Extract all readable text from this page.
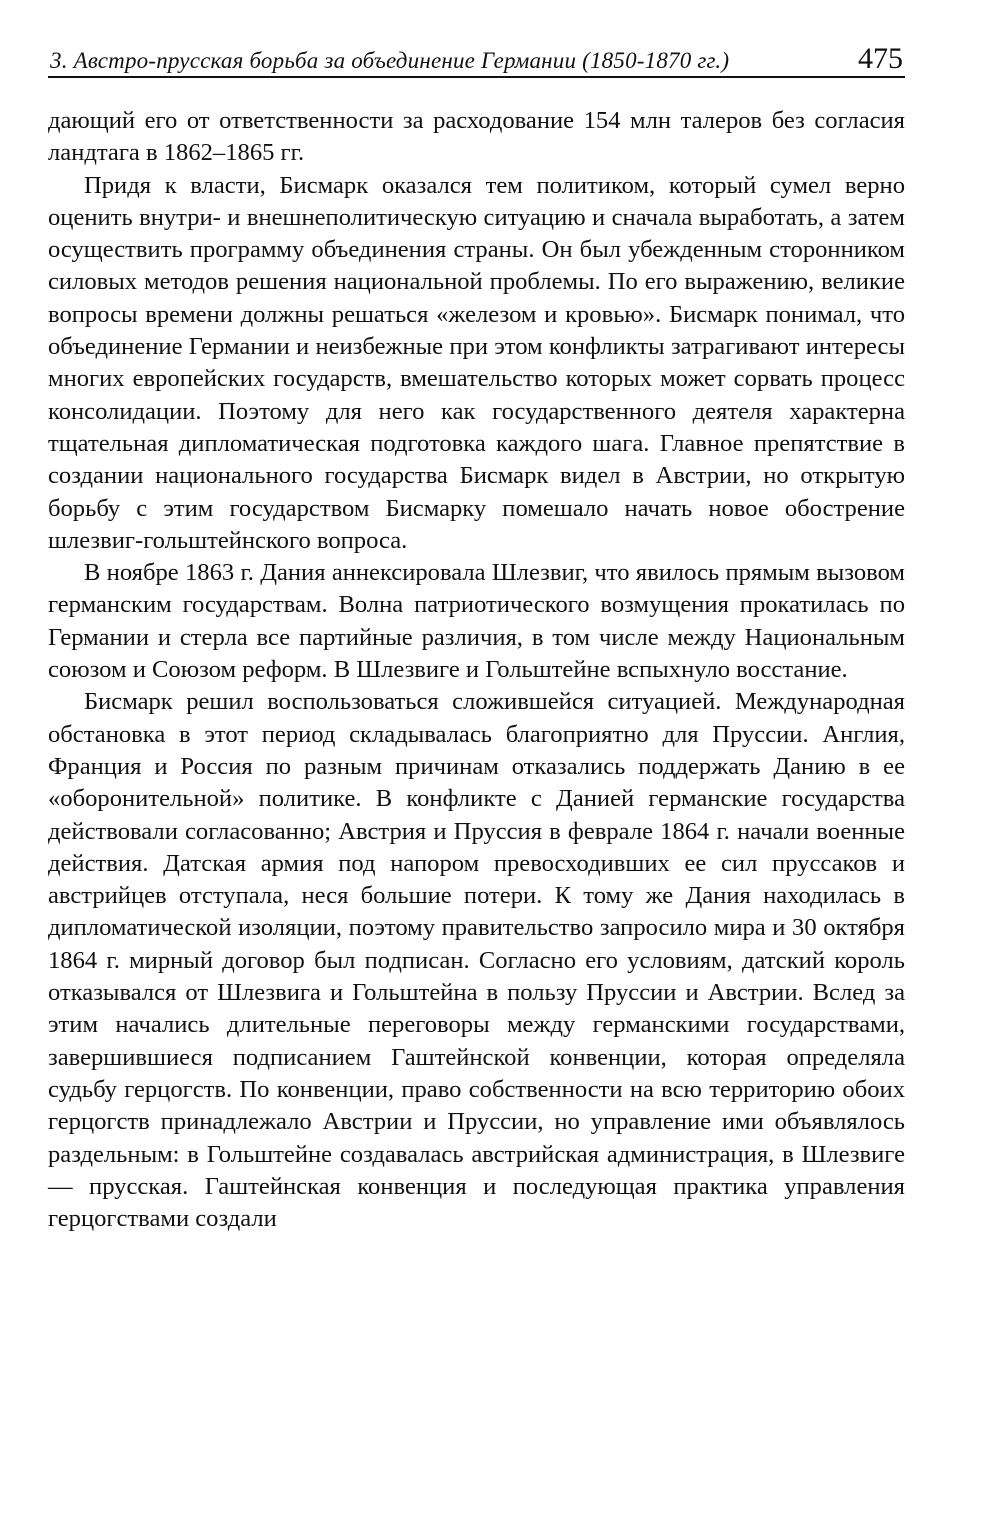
3. Австро-прусская борьба за объединение Германии (1850-1870 гг.)	475

дающий его от ответственности за расходование 154 млн талеров без согласия ландтага в 1862–1865 гг.

Придя к власти, Бисмарк оказался тем политиком, который сумел верно оценить внутри- и внешнеполитическую ситуацию и сначала выработать, а затем осуществить программу объединения страны. Он был убежденным сторонником силовых методов решения национальной проблемы. По его выражению, великие вопросы времени должны решаться «железом и кровью». Бисмарк понимал, что объединение Германии и неизбежные при этом конфликты затрагивают интересы многих европейских государств, вмешательство которых может сорвать процесс консолидации. Поэтому для него как государственного деятеля характерна тщательная дипломатическая подготовка каждого шага. Главное препятствие в создании национального государства Бисмарк видел в Австрии, но открытую борьбу с этим государством Бисмарку помешало начать новое обострение шлезвиг-гольштейнского вопроса.

В ноябре 1863 г. Дания аннексировала Шлезвиг, что явилось прямым вызовом германским государствам. Волна патриотического возмущения прокатилась по Германии и стерла все партийные различия, в том числе между Национальным союзом и Союзом реформ. В Шлезвиге и Гольштейне вспыхнуло восстание.

Бисмарк решил воспользоваться сложившейся ситуацией. Международная обстановка в этот период складывалась благоприятно для Пруссии. Англия, Франция и Россия по разным причинам отказались поддержать Данию в ее «оборонительной» политике. В конфликте с Данией германские государства действовали согласованно; Австрия и Пруссия в феврале 1864 г. начали военные действия. Датская армия под напором превосходивших ее сил пруссаков и австрийцев отступала, неся большие потери. К тому же Дания находилась в дипломатической изоляции, поэтому правительство запросило мира и 30 октября 1864 г. мирный договор был подписан. Согласно его условиям, датский король отказывался от Шлезвига и Гольштейна в пользу Пруссии и Австрии. Вслед за этим начались длительные переговоры между германскими государствами, завершившиеся подписанием Гаштейнской конвенции, которая определяла судьбу герцогств. По конвенции, право собственности на всю территорию обоих герцогств принадлежало Австрии и Пруссии, но управление ими объявлялось раздельным: в Гольштейне создавалась австрийская администрация, в Шлезвиге — прусская. Гаштейнская конвенция и последующая практика управления герцогствами создали
